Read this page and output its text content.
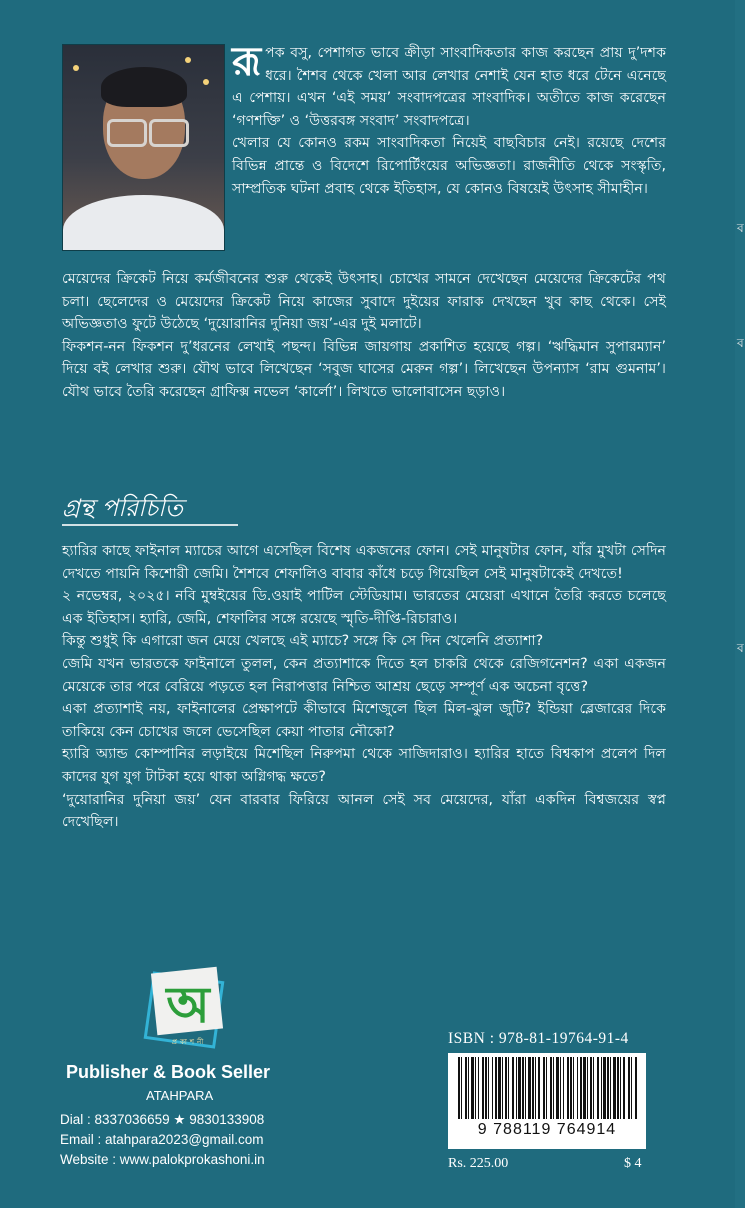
রূপক বসু, পেশাগত ভাবে ক্রীড়া সাংবাদিকতার কাজ করছেন প্রায় দু’দশক ধরে। শৈশব থেকে খেলা আর লেখার নেশাই যেন হাত ধরে টেনে এনেছে এ পেশায়। এখন ‘এই সময়’ সংবাদপত্রের সাংবাদিক। অতীতে কাজ করেছেন ‘গণশক্তি’ ও ‘উত্তরবঙ্গ সংবাদ’ সংবাদপত্রে।

খেলার যে কোনও রকম সাংবাদিকতা নিয়েই বাছবিচার নেই। রয়েছে দেশের বিভিন্ন প্রান্তে ও বিদেশে রিপোর্টিংয়ের অভিজ্ঞতা। রাজনীতি থেকে সংস্কৃতি, সাম্প্রতিক ঘটনা প্রবাহ থেকে ইতিহাস, যে কোনও বিষয়েই উৎসাহ সীমাহীন।

মেয়েদের ক্রিকেট নিয়ে কর্মজীবনের শুরু থেকেই উৎসাহ। চোখের সামনে দেখেছেন মেয়েদের ক্রিকেটের পথ চলা। ছেলেদের ও মেয়েদের ক্রিকেট নিয়ে কাজের সুবাদে দুইয়ের ফারাক দেখছেন খুব কাছ থেকে। সেই অভিজ্ঞতাও ফুটে উঠেছে ‘দুয়োরানির দুনিয়া জয়’-এর দুই মলাটে।

ফিকশন-নন ফিকশন দু’ধরনের লেখাই পছন্দ। বিভিন্ন জায়গায় প্রকাশিত হয়েছে গল্প। ‘ঋদ্ধিমান সুপারম্যান’ দিয়ে বই লেখার শুরু। যৌথ ভাবে লিখেছেন ‘সবুজ ঘাসের মেরুন গল্প’। লিখেছেন উপন্যাস ‘রাম গুমনাম’। যৌথ ভাবে তৈরি করেছেন গ্রাফিক্স নভেল ‘কার্লো’। লিখতে ভালোবাসেন ছড়াও।

গ্রন্থ পরিচিতি

হ্যারির কাছে ফাইনাল ম্যাচের আগে এসেছিল বিশেষ একজনের ফোন। সেই মানুষটার ফোন, যাঁর মুখটা সেদিন দেখতে পায়নি কিশোরী জেমি। শৈশবে শেফালিও বাবার কাঁধে চড়ে গিয়েছিল সেই মানুষটাকেই দেখতে!

২ নভেম্বর, ২০২৫। নবি মুম্বইয়ের ডি.ওয়াই পাটিল স্টেডিয়াম। ভারতের মেয়েরা এখানে তৈরি করতে চলেছে এক ইতিহাস। হ্যারি, জেমি, শেফালির সঙ্গে রয়েছে স্মৃতি-দীপ্তি-রিচারাও।

কিন্তু শুধুই কি এগারো জন মেয়ে খেলছে এই ম্যাচে? সঙ্গে কি সে দিন খেলেনি প্রত্যাশা?

জেমি যখন ভারতকে ফাইনালে তুলল, কেন প্রত্যাশাকে দিতে হল চাকরি থেকে রেজিগনেশন? একা একজন মেয়েকে তার পরে বেরিয়ে পড়তে হল নিরাপত্তার নিশ্চিত আশ্রয় ছেড়ে সম্পূর্ণ এক অচেনা বৃত্তে?

একা প্রত্যাশাই নয়, ফাইনালের প্রেক্ষাপটে কীভাবে মিশেজুলে ছিল মিল-ঝুল জুটি? ইন্ডিয়া ব্লেজারের দিকে তাকিয়ে কেন চোখের জলে ভেসেছিল কেয়া পাতার নৌকো?

হ্যারি অ্যান্ড কোম্পানির লড়াইয়ে মিশেছিল নিরুপমা থেকে সাজিদারাও। হ্যারির হাতে বিশ্বকাপ প্রলেপ দিল কাদের যুগ যুগ টাটকা হয়ে থাকা অগ্নিগদ্ধ ক্ষতে?

‘দুয়োরানির দুনিয়া জয়’ যেন বারবার ফিরিয়ে আনল সেই সব মেয়েদের, যাঁরা একদিন বিশ্বজয়ের স্বপ্ন দেখেছিল।

অ
প্রকাশনী
Publisher & Book Seller
ATAHPARA
Dial : 8337036659 ★ 9830133908
Email : atahpara2023@gmail.com
Website : www.palokprokashoni.in
ISBN : 978-81-19764-91-4
9 788119 764914
Rs. 225.00	$ 4
ব
ব
ব
